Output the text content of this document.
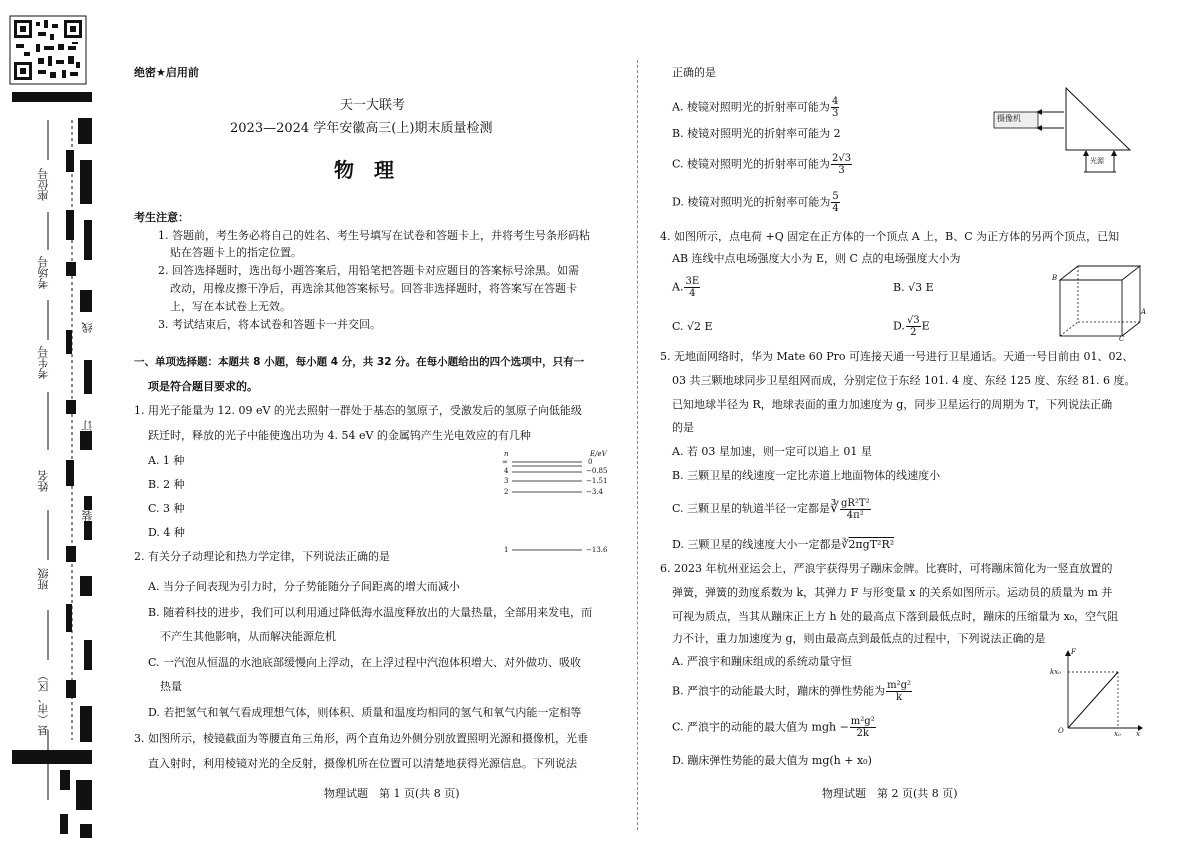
座位号
考场号
考生号
姓名
班级
县（市、区）
线
订
装
绝密★启用前
天一大联考
2023—2024 学年安徽高三(上)期末质量检测
物　理
考生注意：
1. 答题前，考生务必将自己的姓名、考生号填写在试卷和答题卡上，并将考生号条形码粘
贴在答题卡上的指定位置。
2. 回答选择题时，选出每小题答案后，用铅笔把答题卡对应题目的答案标号涂黑。如需
改动，用橡皮擦干净后，再选涂其他答案标号。回答非选择题时，将答案写在答题卡
上，写在本试卷上无效。
3. 考试结束后，将本试卷和答题卡一并交回。
一、单项选择题：本题共 8 小题，每小题 4 分，共 32 分。在每小题给出的四个选项中，只有一
项是符合题目要求的。
1. 用光子能量为 12. 09 eV 的光去照射一群处于基态的氢原子，受激发后的氢原子向低能级
跃迁时，释放的光子中能使逸出功为 4. 54 eV 的金属钨产生光电效应的有几种
A. 1 种
B. 2 种
C. 3 种
D. 4 种
n	E/eV
∞
4
3
2
1
0
−0.85
−1.51
−3.4
−13.6
2. 有关分子动理论和热力学定律，下列说法正确的是
A. 当分子间表现为引力时，分子势能随分子间距离的增大而减小
B. 随着科技的进步，我们可以利用通过降低海水温度释放出的大量热量，全部用来发电，而
不产生其他影响，从而解决能源危机
C. 一汽泡从恒温的水池底部缓慢向上浮动，在上浮过程中汽泡体积增大、对外做功、吸收
热量
D. 若把氢气和氧气看成理想气体，则体积、质量和温度均相同的氢气和氧气内能一定相等
3. 如图所示，棱镜截面为等腰直角三角形，两个直角边外侧分别放置照明光源和摄像机，光垂
直入射时，利用棱镜对光的全反射，摄像机所在位置可以清楚地获得光源信息。下列说法
物理试题　第 1 页(共 8 页)
正确的是
A. 棱镜对照明光的折射率可能为 $\frac{4}{3}$
B. 棱镜对照明光的折射率可能为 2
C. 棱镜对照明光的折射率可能为 $\frac{2√3}{3}$
D. 棱镜对照明光的折射率可能为 $\frac{5}{4}$
摄像机
光源
4. 如图所示，点电荷 +Q 固定在正方体的一个顶点 A 上，B、C 为正方体的另两个顶点，已知
AB 连线中点电场强度大小为 E，则 C 点的电场强度大小为
A. $\frac{3E}{4}$	B. √3 E
C. √2 E	D. $\frac{√3}{2}$ E
B
A
C
5. 无地面网络时，华为 Mate 60 Pro 可连接天通一号进行卫星通话。天通一号目前由 01、02、
03 共三颗地球同步卫星组网而成，分别定位于东经 101. 4 度、东经 125 度、东经 81. 6 度。
已知地球半径为 R，地球表面的重力加速度为 g，同步卫星运行的周期为 T，下列说法正确
的是
A. 若 03 星加速，则一定可以追上 01 星
B. 三颗卫星的线速度一定比赤道上地面物体的线速度小
C. 三颗卫星的轨道半径一定都是∛ $\frac{\text{gR²T²}}{\text{4π²}}$
D. 三颗卫星的线速度大小一定都是∛2πgT²R²
6. 2023 年杭州亚运会上，严浪宇获得男子蹦床金牌。比赛时，可将蹦床简化为一竖直放置的
弹簧，弹簧的劲度系数为 k，其弹力 F 与形变量 x 的关系如图所示。运动员的质量为 m 并
可视为质点，当其从蹦床正上方 h 处的最高点下落到最低点时，蹦床的压缩量为 x₀，空气阻
力不计，重力加速度为 g，则由最高点到最低点的过程中，下列说法正确的是
A. 严浪宇和蹦床组成的系统动量守恒
B. 严浪宇的动能最大时，蹦床的弹性势能为 $\frac{\text{m²g²}}{k}$
C. 严浪宇的动能的最大值为 mgh − $\frac{\text{m²g²}}{2k}$
D. 蹦床弹性势能的最大值为 mg(h + x₀)
F
x
O
kx₀
x₀
物理试题　第 2 页(共 8 页)
